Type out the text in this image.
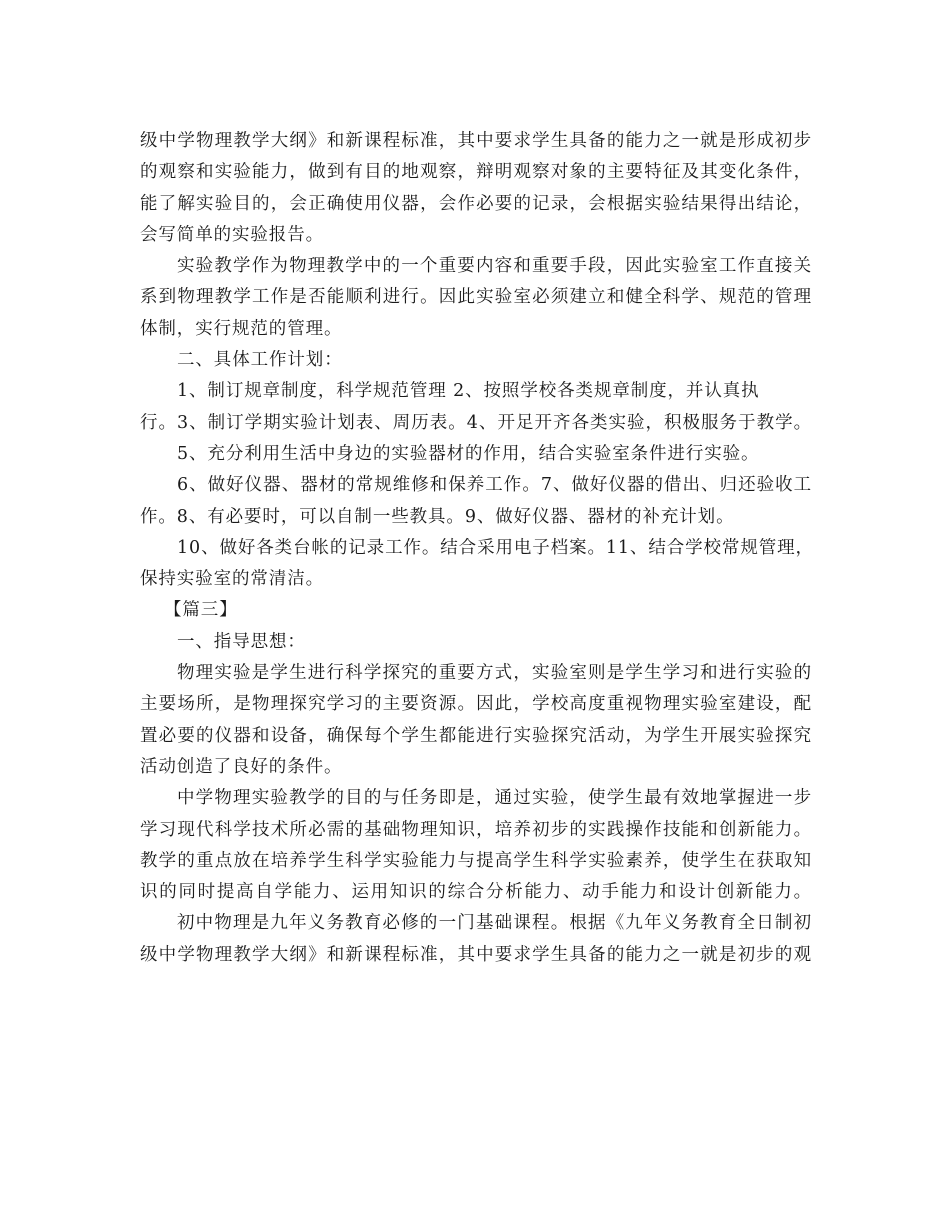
级中学物理教学大纲》和新课程标准，其中要求学生具备的能力之一就是形成初步
的观察和实验能力，做到有目的地观察，辩明观察对象的主要特征及其变化条件，
能了解实验目的，会正确使用仪器，会作必要的记录，会根据实验结果得出结论，
会写简单的实验报告。
实验教学作为物理教学中的一个重要内容和重要手段，因此实验室工作直接关
系到物理教学工作是否能顺利进行。因此实验室必须建立和健全科学、规范的管理
体制，实行规范的管理。
二、具体工作计划：
1、制订规章制度，科学规范管理 2、按照学校各类规章制度，并认真执
行。3、制订学期实验计划表、周历表。4、开足开齐各类实验，积极服务于教学。
5、充分利用生活中身边的实验器材的作用，结合实验室条件进行实验。
6、做好仪器、器材的常规维修和保养工作。7、做好仪器的借出、归还验收工
作。8、有必要时，可以自制一些教具。9、做好仪器、器材的补充计划。
10、做好各类台帐的记录工作。结合采用电子档案。11、结合学校常规管理，
保持实验室的常清洁。
【篇三】
一、指导思想：
物理实验是学生进行科学探究的重要方式，实验室则是学生学习和进行实验的
主要场所，是物理探究学习的主要资源。因此，学校高度重视物理实验室建设，配
置必要的仪器和设备，确保每个学生都能进行实验探究活动，为学生开展实验探究
活动创造了良好的条件。
中学物理实验教学的目的与任务即是，通过实验，使学生最有效地掌握进一步
学习现代科学技术所必需的基础物理知识，培养初步的实践操作技能和创新能力。
教学的重点放在培养学生科学实验能力与提高学生科学实验素养，使学生在获取知
识的同时提高自学能力、运用知识的综合分析能力、动手能力和设计创新能力。
初中物理是九年义务教育必修的一门基础课程。根据《九年义务教育全日制初
级中学物理教学大纲》和新课程标准，其中要求学生具备的能力之一就是初步的观
